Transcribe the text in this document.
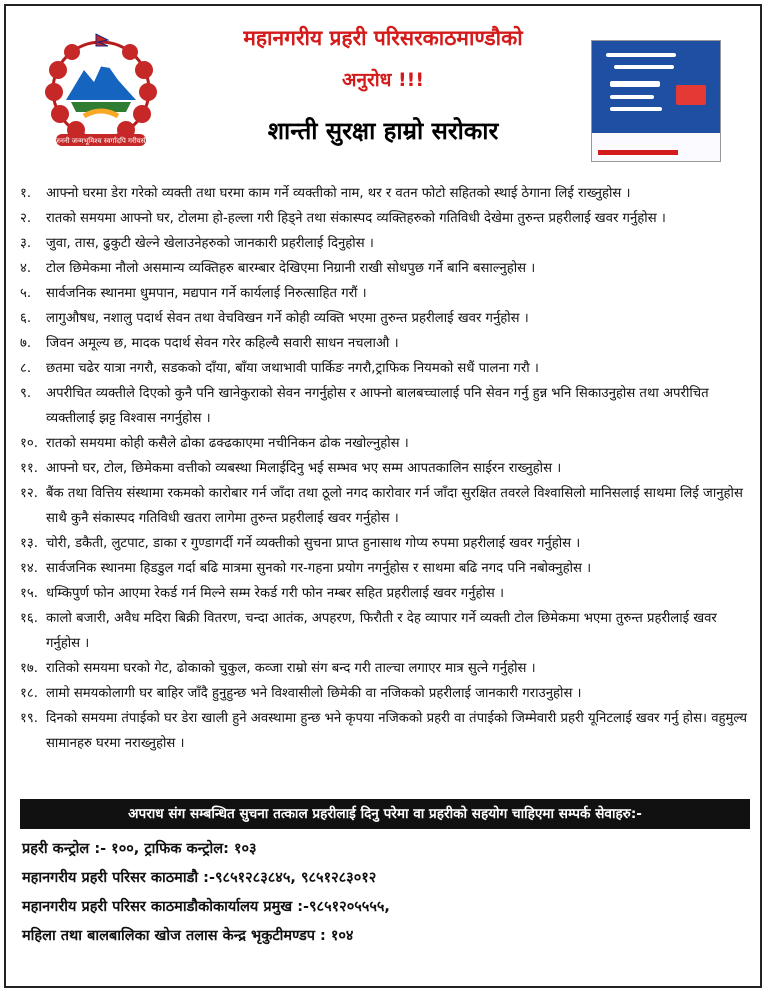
जननी जन्मभूमिश्च स्वर्गादपि गरीयसी
महानगरीय प्रहरी परिसरकाठमाण्डौको
अनुरोध !!!
शान्ती सुरक्षा हाम्रो सरोकार
१.	आफ्नो घरमा डेरा गरेको व्यक्ती तथा घरमा काम गर्ने व्यक्तीको नाम, थर र वतन फोटो सहितको स्थाई ठेगाना लिई राख्नुहोस ।
२.	रातको समयमा आफ्नो घर, टोलमा हो-हल्ला गरी हिड्ने तथा संकास्पद व्यक्तिहरुको गतिविधी देखेमा तुरुन्त प्रहरीलाई खवर गर्नुहोस ।
३.	जुवा, तास, ढुकुटी खेल्ने खेलाउनेहरुको जानकारी प्रहरीलाई दिनुहोस ।
४.	टोल छिमेकमा नौलो असमान्य व्यक्तिहरु बारम्बार देखिएमा निग्रानी राखी सोधपुछ गर्ने बानि बसाल्नुहोस ।
५.	सार्वजनिक स्थानमा धुमपान, मद्यपान गर्ने कार्यलाई निरुत्साहित गरौं ।
६.	लागुऔषध, नशालु पदार्थ सेवन तथा वेचविखन गर्ने कोही व्यक्ति भएमा तुरुन्त प्रहरीलाई खवर गर्नुहोस ।
७.	जिवन अमूल्य छ, मादक पदार्थ सेवन गरेर कहिल्यै सवारी साधन नचलाऔ ।
८.	छतमा चढेर यात्रा नगरौ, सडकको दाँया, बाँया जथाभावी पार्किङ नगरौ,ट्राफिक नियमको सधैं पालना गरौ ।
९.	अपरीचित व्यक्तीले दिएको कुनै पनि खानेकुराको सेवन नगर्नुहोस र आफ्नो बालबच्चालाई पनि सेवन गर्नु हुन्न भनि सिकाउनुहोस तथा अपरीचित व्यक्तीलाई झट्ट विश्वास नगर्नुहोस ।
१०. रातको समयमा कोही कसैले ढोका ढक्ढकाएमा नचीनिकन ढोक नखोल्नुहोस ।
११. आफ्नो घर, टोल, छिमेकमा वत्तीको व्यबस्था मिलाईदिनु भई सम्भव भए सम्म आपतकालिन साईरन राख्नुहोस ।
१२. बैंक तथा वित्तिय संस्थामा रकमको कारोबार गर्न जाँदा तथा ठूलो नगद कारोवार गर्न जाँदा सुरक्षित तवरले विश्वासिलो मानिसलाई साथमा लिई जानुहोस साथै कुनै संकास्पद गतिविधी खतरा लागेमा तुरुन्त प्रहरीलाई खवर गर्नुहोस ।
१३. चोरी, डकैती, लुटपाट, डाका र गुण्डागर्दी गर्ने व्यक्तीको सुचना प्राप्त हुनासाथ गोप्य रुपमा प्रहरीलाई खवर गर्नुहोस ।
१४. सार्वजनिक स्थानमा हिडडुल गर्दा बढि मात्रमा सुनको गर-गहना प्रयोग नगर्नुहोस र साथमा बढि नगद पनि नबोक्नुहोस ।
१५. धम्किपुर्ण फोन आएमा रेकर्ड गर्न मिल्ने सम्म रेकर्ड गरी फोन नम्बर सहित प्रहरीलाई खवर गर्नुहोस ।
१६. कालो बजारी, अवैध मदिरा बिक्री वितरण, चन्दा आतंक, अपहरण, फिरौती र देह व्यापार गर्ने व्यक्ती टोल छिमेकमा भएमा तुरुन्त प्रहरीलाई खवर गर्नुहोस ।
१७. रातिको समयमा घरको गेट, ढोकाको चुकुल, कव्जा राम्रो संग बन्द गरी ताल्चा लगाएर मात्र सुत्ने गर्नुहोस ।
१८. लामो समयकोलागी घर बाहिर जाँदै हुनुहुन्छ भने विश्वासीलो छिमेकी वा नजिकको प्रहरीलाई जानकारी गराउनुहोस ।
१९. दिनको समयमा तंपाईको घर डेरा खाली हुने अवस्थामा हुन्छ भने कृपया नजिकको प्रहरी वा तंपाईको जिम्मेवारी प्रहरी यूनिटलाई खवर गर्नु होस। वहुमुल्य सामानहरु घरमा नराख्नुहोस ।
अपराध संग सम्बन्धित सुचना तत्काल प्रहरीलाई दिनु परेमा वा प्रहरीको सहयोग चाहिएमा सम्पर्क सेवाहरु:-
प्रहरी कन्ट्रोल :- १००, ट्राफिक कन्ट्रोल: १०३
महानगरीय प्रहरी परिसर काठमाडौ :-९८५१२८३८४५, ९८५१२८३०१२
महानगरीय प्रहरी परिसर काठमाडौकोकार्यालय प्रमुख :-९८५१२०५५५५,
महिला तथा बालबालिका खोज तलास केन्द्र भृकुटीमण्डप : १०४
